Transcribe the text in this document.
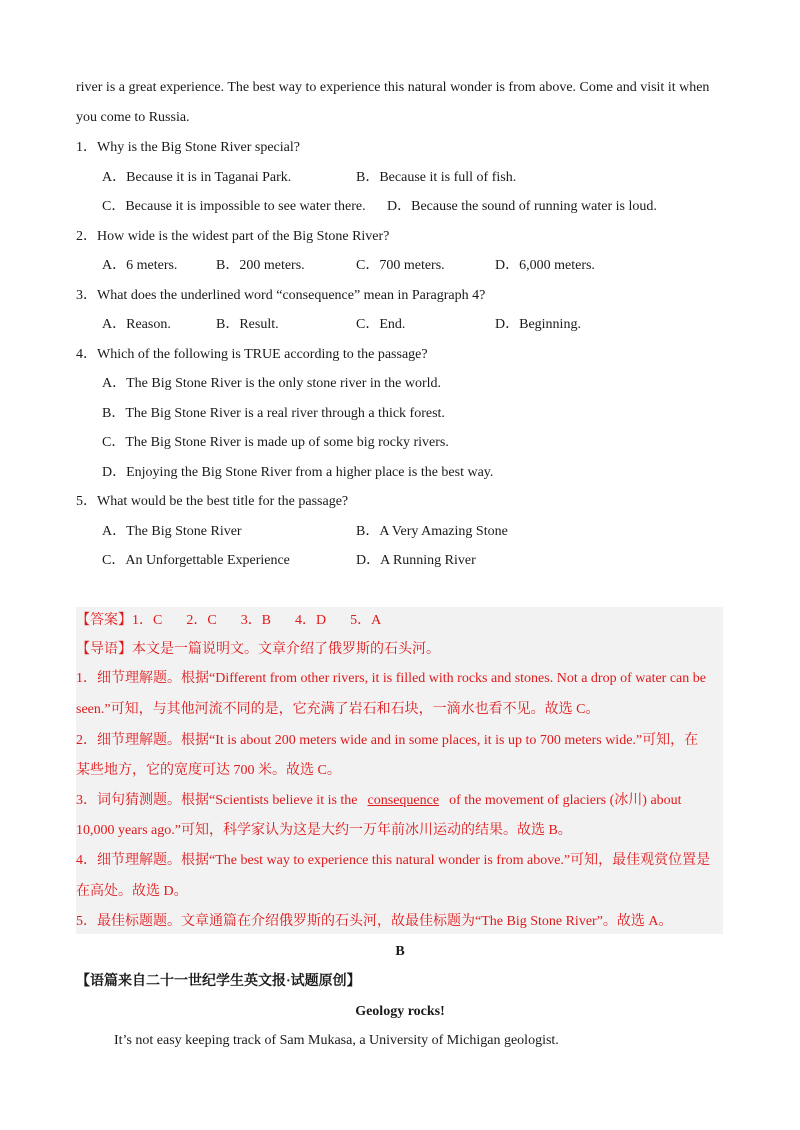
river is a great experience. The best way to experience this natural wonder is from above. Come and visit it when
you come to Russia.
1．Why is the Big Stone River special?
A．Because it is in Taganai Park.	B．Because it is full of fish.
C．Because it is impossible to see water there. D．Because the sound of running water is loud.
2．How wide is the widest part of the Big Stone River?
A．6 meters.	B．200 meters.	C．700 meters.	D．6,000 meters.
3．What does the underlined word “consequence” mean in Paragraph 4?
A．Reason.	B．Result.	C．End.	D．Beginning.
4．Which of the following is TRUE according to the passage?
A．The Big Stone River is the only stone river in the world.
B．The Big Stone River is a real river through a thick forest.
C．The Big Stone River is made up of some big rocky rivers.
D．Enjoying the Big Stone River from a higher place is the best way.
5．What would be the best title for the passage?
A．The Big Stone River	B．A Very Amazing Stone
C．An Unforgettable Experience	D．A Running River
【答案】1．C 2．C 3．B 4．D 5．A
【导语】本文是一篇说明文。文章介绍了俄罗斯的石头河。
1．细节理解题。根据“Different from other rivers, it is filled with rocks and stones. Not a drop of water can be
seen.”可知，与其他河流不同的是，它充满了岩石和石块，一滴水也看不见。故选 C。
2．细节理解题。根据“It is about 200 meters wide and in some places, it is up to 700 meters wide.”可知，在
某些地方，它的宽度可达 700 米。故选 C。
3．词句猜测题。根据“Scientists believe it is the consequence of the movement of glaciers (冰川) about
10,000 years ago.”可知，科学家认为这是大约一万年前冰川运动的结果。故选 B。
4．细节理解题。根据“The best way to experience this natural wonder is from above.”可知，最佳观赏位置是
在高处。故选 D。
5．最佳标题题。文章通篇在介绍俄罗斯的石头河，故最佳标题为“The Big Stone River”。故选 A。
B
【语篇来自二十一世纪学生英文报·试题原创】
Geology rocks!
It’s not easy keeping track of Sam Mukasa, a University of Michigan geologist.
